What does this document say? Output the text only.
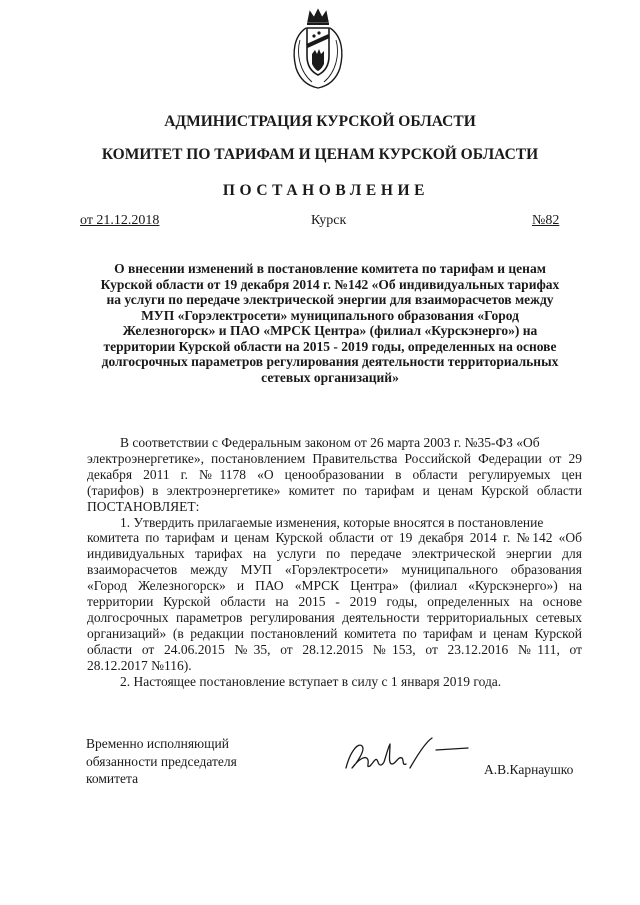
АДМИНИСТРАЦИЯ КУРСКОЙ ОБЛАСТИ
КОМИТЕТ ПО ТАРИФАМ И ЦЕНАМ КУРСКОЙ ОБЛАСТИ
ПОСТАНОВЛЕНИЕ
от 21.12.2018	Курск	№82
О внесении изменений в постановление комитета по тарифам и ценам
Курской области от 19 декабря 2014 г. №142 «Об индивидуальных тарифах
на услуги по передаче электрической энергии для взаиморасчетов между
МУП «Горэлектросети» муниципального образования «Город
Железногорск» и ПАО «МРСК Центра» (филиал «Курскэнерго») на
территории Курской области на 2015 - 2019 годы, определенных на основе
долгосрочных параметров регулирования деятельности территориальных
сетевых организаций»
В соответствии с Федеральным законом от 26 марта 2003 г. №35-ФЗ «Об
электроэнергетике», постановлением Правительства Российской Федерации от 29
декабря 2011 г. №1178 «О ценообразовании в области регулируемых цен
(тарифов) в электроэнергетике» комитет по тарифам и ценам Курской области
ПОСТАНОВЛЯЕТ:
1. Утвердить прилагаемые изменения, которые вносятся в постановление
комитета по тарифам и ценам Курской области от 19 декабря 2014 г. №142 «Об
индивидуальных тарифах на услуги по передаче электрической энергии для
взаиморасчетов между МУП «Горэлектросети» муниципального образования
«Город Железногорск» и ПАО «МРСК Центра» (филиал «Курскэнерго») на
территории Курской области на 2015 - 2019 годы, определенных на основе
долгосрочных параметров регулирования деятельности территориальных сетевых
организаций» (в редакции постановлений комитета по тарифам и ценам Курской
области от 24.06.2015 №35, от 28.12.2015 №153, от 23.12.2016 №111, от
28.12.2017 №116).
2. Настоящее постановление вступает в силу с 1 января 2019 года.
Временно исполняющий
обязанности председателя
комитета
А.В.Карнаушко
